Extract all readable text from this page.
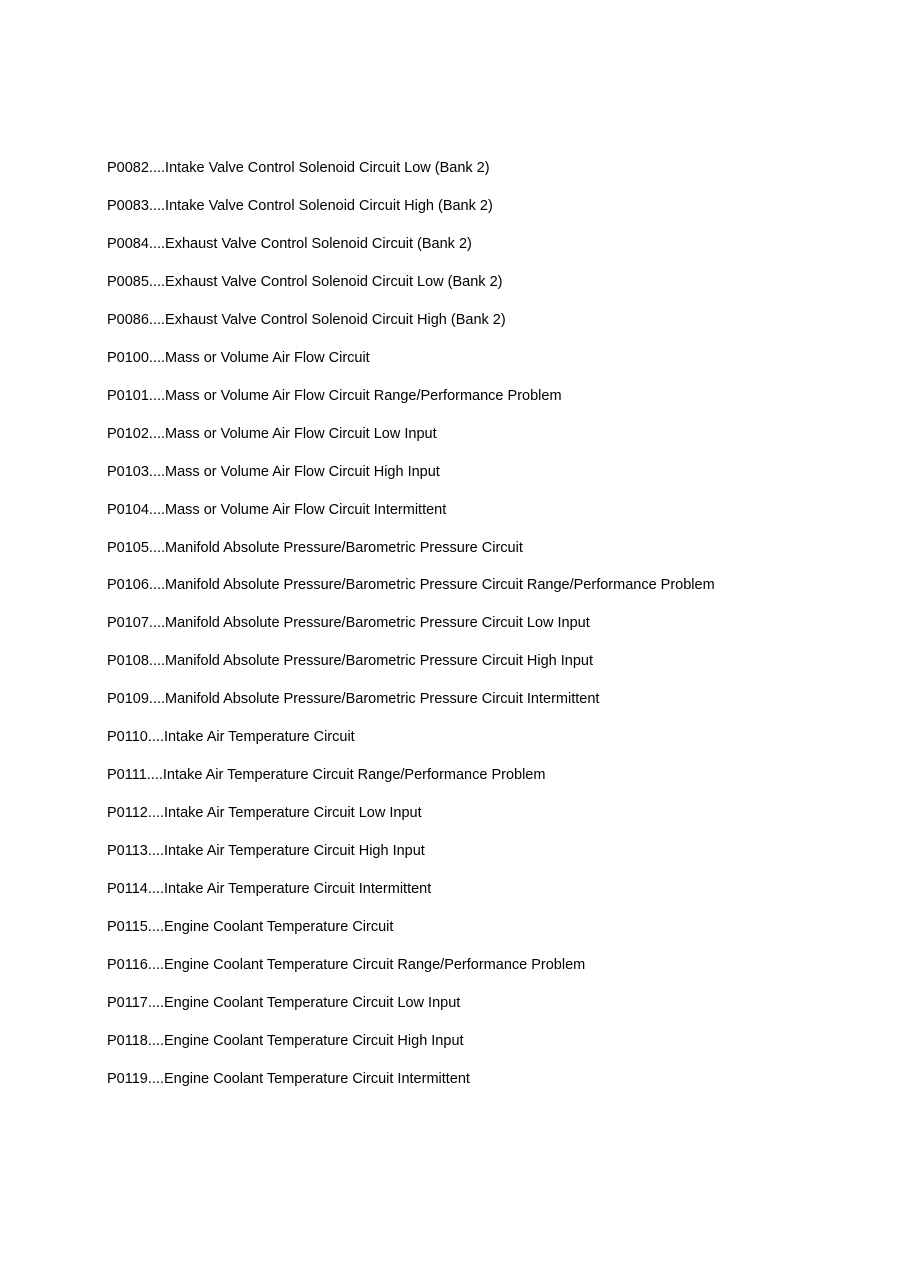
P0082....Intake Valve Control Solenoid Circuit Low (Bank 2)
P0083....Intake Valve Control Solenoid Circuit High (Bank 2)
P0084....Exhaust Valve Control Solenoid Circuit (Bank 2)
P0085....Exhaust Valve Control Solenoid Circuit Low (Bank 2)
P0086....Exhaust Valve Control Solenoid Circuit High (Bank 2)
P0100....Mass or Volume Air Flow Circuit
P0101....Mass or Volume Air Flow Circuit Range/Performance Problem
P0102....Mass or Volume Air Flow Circuit Low Input
P0103....Mass or Volume Air Flow Circuit High Input
P0104....Mass or Volume Air Flow Circuit Intermittent
P0105....Manifold Absolute Pressure/Barometric Pressure Circuit
P0106....Manifold Absolute Pressure/Barometric Pressure Circuit Range/Performance Problem
P0107....Manifold Absolute Pressure/Barometric Pressure Circuit Low Input
P0108....Manifold Absolute Pressure/Barometric Pressure Circuit High Input
P0109....Manifold Absolute Pressure/Barometric Pressure Circuit Intermittent
P0110....Intake Air Temperature Circuit
P0111....Intake Air Temperature Circuit Range/Performance Problem
P0112....Intake Air Temperature Circuit Low Input
P0113....Intake Air Temperature Circuit High Input
P0114....Intake Air Temperature Circuit Intermittent
P0115....Engine Coolant Temperature Circuit
P0116....Engine Coolant Temperature Circuit Range/Performance Problem
P0117....Engine Coolant Temperature Circuit Low Input
P0118....Engine Coolant Temperature Circuit High Input
P0119....Engine Coolant Temperature Circuit Intermittent
